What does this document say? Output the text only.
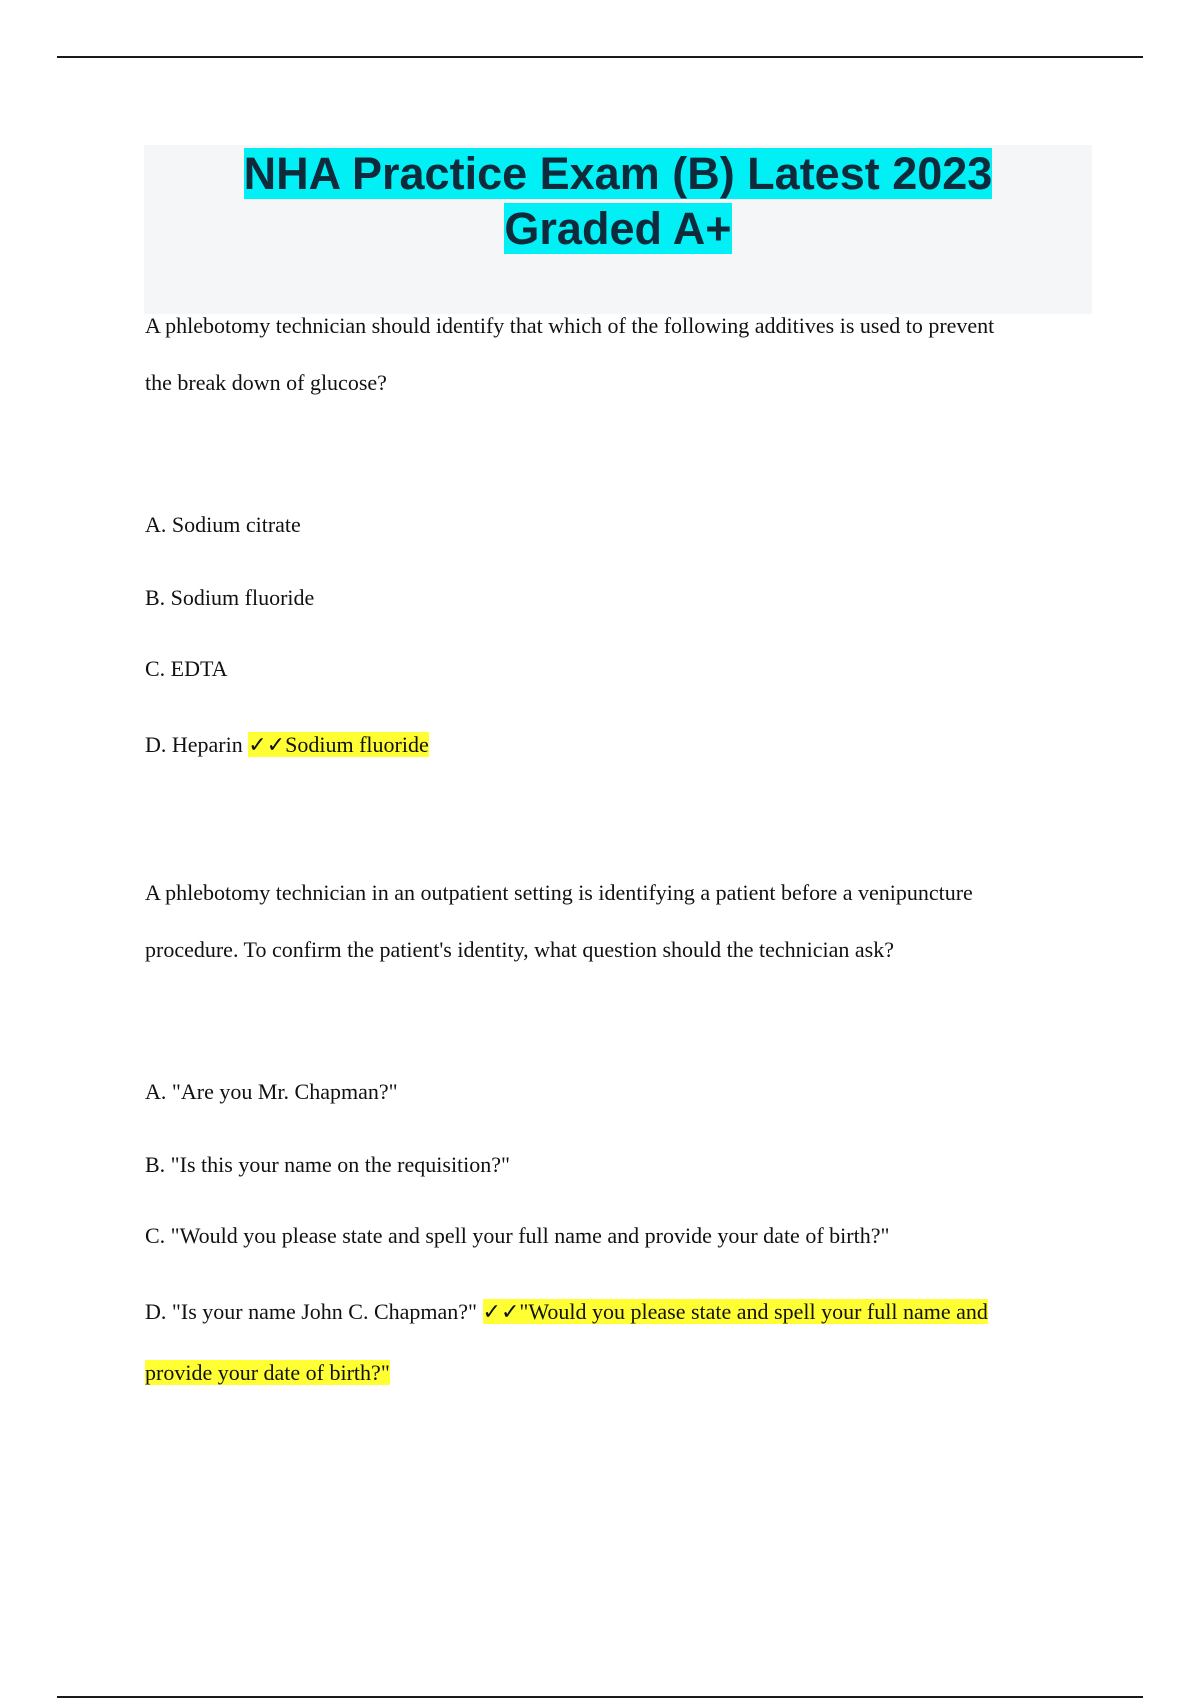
NHA Practice Exam (B) Latest 2023
Graded A+
A phlebotomy technician should identify that which of the following additives is used to prevent
the break down of glucose?
A. Sodium citrate
B. Sodium fluoride
C. EDTA
D. Heparin ✓✓Sodium fluoride
A phlebotomy technician in an outpatient setting is identifying a patient before a venipuncture
procedure. To confirm the patient's identity, what question should the technician ask?
A. "Are you Mr. Chapman?"
B. "Is this your name on the requisition?"
C. "Would you please state and spell your full name and provide your date of birth?"
D. "Is your name John C. Chapman?" ✓✓"Would you please state and spell your full name and
provide your date of birth?"
